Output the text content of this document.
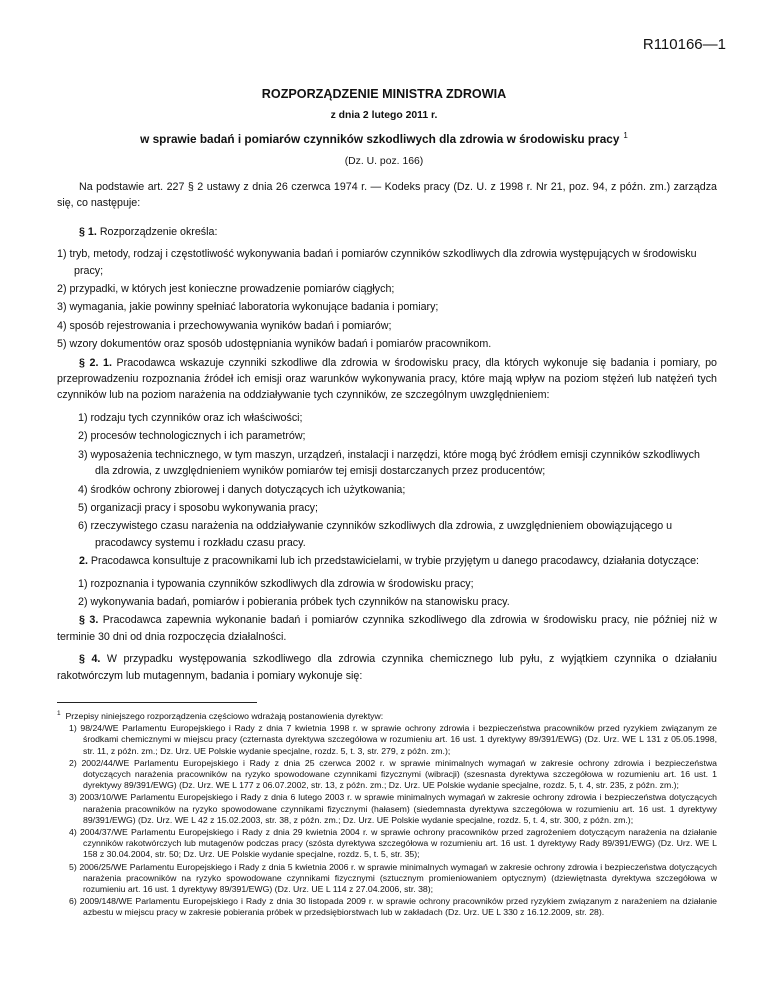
R110166—1
ROZPORZĄDZENIE MINISTRA ZDROWIA
z dnia 2 lutego 2011 r.
w sprawie badań i pomiarów czynników szkodliwych dla zdrowia w środowisku pracy $^1$
(Dz. U. poz. 166)

Na podstawie art. 227 § 2 ustawy z dnia 26 czerwca 1974 r. — Kodeks pracy (Dz. U. z 1998 r. Nr 21, poz. 94, z późn. zm.) zarządza się, co następuje:

§ 1. Rozporządzenie określa:

1) tryb, metody, rodzaj i częstotliwość wykonywania badań i pomiarów czynników szkodliwych dla zdrowia występujących w środowisku pracy;

2) przypadki, w których jest konieczne prowadzenie pomiarów ciągłych;

3) wymagania, jakie powinny spełniać laboratoria wykonujące badania i pomiary;

4) sposób rejestrowania i przechowywania wyników badań i pomiarów;

5) wzory dokumentów oraz sposób udostępniania wyników badań i pomiarów pracownikom.

§ 2. 1. Pracodawca wskazuje czynniki szkodliwe dla zdrowia w środowisku pracy, dla których wykonuje się badania i pomiary, po przeprowadzeniu rozpoznania źródeł ich emisji oraz warunków wykonywania pracy, które mają wpływ na poziom stężeń lub natężeń tych czynników lub na poziom narażenia na oddziaływanie tych czynników, ze szczególnym uwzględnieniem:

1) rodzaju tych czynników oraz ich właściwości;

2) procesów technologicznych i ich parametrów;

3) wyposażenia technicznego, w tym maszyn, urządzeń, instalacji i narzędzi, które mogą być źródłem emisji czynników szkodliwych dla zdrowia, z uwzględnieniem wyników pomiarów tej emisji dostarczanych przez producentów;

4) środków ochrony zbiorowej i danych dotyczących ich użytkowania;

5) organizacji pracy i sposobu wykonywania pracy;

6) rzeczywistego czasu narażenia na oddziaływanie czynników szkodliwych dla zdrowia, z uwzględnieniem obowiązującego u pracodawcy systemu i rozkładu czasu pracy.

2. Pracodawca konsultuje z pracownikami lub ich przedstawicielami, w trybie przyjętym u danego pracodawcy, działania dotyczące:

1) rozpoznania i typowania czynników szkodliwych dla zdrowia w środowisku pracy;

2) wykonywania badań, pomiarów i pobierania próbek tych czynników na stanowisku pracy.

§ 3. Pracodawca zapewnia wykonanie badań i pomiarów czynnika szkodliwego dla zdrowia w środowisku pracy, nie później niż w terminie 30 dni od dnia rozpoczęcia działalności.

§ 4. W przypadku występowania szkodliwego dla zdrowia czynnika chemicznego lub pyłu, z wyjątkiem czynnika o działaniu rakotwórczym lub mutagennym, badania i pomiary wykonuje się:

$^1$ Przepisy niniejszego rozporządzenia częściowo wdrażają postanowienia dyrektyw:

1) 98/24/WE Parlamentu Europejskiego i Rady z dnia 7 kwietnia 1998 r. w sprawie ochrony zdrowia i bezpieczeństwa pracowników przed ryzykiem związanym ze środkami chemicznymi w miejscu pracy (czternasta dyrektywa szczegółowa w rozumieniu art. 16 ust. 1 dyrektywy 89/391/EWG) (Dz. Urz. WE L 131 z 05.05.1998, str. 11, z późn. zm.; Dz. Urz. UE Polskie wydanie specjalne, rozdz. 5, t. 3, str. 279, z późn. zm.);

2) 2002/44/WE Parlamentu Europejskiego i Rady z dnia 25 czerwca 2002 r. w sprawie minimalnych wymagań w zakresie ochrony zdrowia i bezpieczeństwa dotyczących narażenia pracowników na ryzyko spowodowane czynnikami fizycznymi (wibracji) (szesnasta dyrektywa szczegółowa w rozumieniu art. 16 ust. 1 dyrektywy 89/391/EWG) (Dz. Urz. WE L 177 z 06.07.2002, str. 13, z późn. zm.; Dz. Urz. UE Polskie wydanie specjalne, rozdz. 5, t. 4, str. 235, z późn. zm.);

3) 2003/10/WE Parlamentu Europejskiego i Rady z dnia 6 lutego 2003 r. w sprawie minimalnych wymagań w zakresie ochrony zdrowia i bezpieczeństwa dotyczących narażenia pracowników na ryzyko spowodowane czynnikami fizycznymi (hałasem) (siedemnasta dyrektywa szczegółowa w rozumieniu art. 16 ust. 1 dyrektywy 89/391/EWG) (Dz. Urz. WE L 42 z 15.02.2003, str. 38, z późn. zm.; Dz. Urz. UE Polskie wydanie specjalne, rozdz. 5, t. 4, str. 300, z późn. zm.);

4) 2004/37/WE Parlamentu Europejskiego i Rady z dnia 29 kwietnia 2004 r. w sprawie ochrony pracowników przed zagrożeniem dotyczącym narażenia na działanie czynników rakotwórczych lub mutagenów podczas pracy (szósta dyrektywa szczegółowa w rozumieniu art. 16 ust. 1 dyrektywy Rady 89/391/EWG) (Dz. Urz. WE L 158 z 30.04.2004, str. 50; Dz. Urz. UE Polskie wydanie specjalne, rozdz. 5, t. 5, str. 35);

5) 2006/25/WE Parlamentu Europejskiego i Rady z dnia 5 kwietnia 2006 r. w sprawie minimalnych wymagań w zakresie ochrony zdrowia i bezpieczeństwa dotyczących narażenia pracowników na ryzyko spowodowane czynnikami fizycznymi (sztucznym promieniowaniem optycznym) (dziewiętnasta dyrektywa szczegółowa w rozumieniu art. 16 ust. 1 dyrektywy 89/391/EWG) (Dz. Urz. UE L 114 z 27.04.2006, str. 38);

6) 2009/148/WE Parlamentu Europejskiego i Rady z dnia 30 listopada 2009 r. w sprawie ochrony pracowników przed ryzykiem związanym z narażeniem na działanie azbestu w miejscu pracy w zakresie pobierania próbek w przedsiębiorstwach lub w zakładach (Dz. Urz. UE L 330 z 16.12.2009, str. 28).
